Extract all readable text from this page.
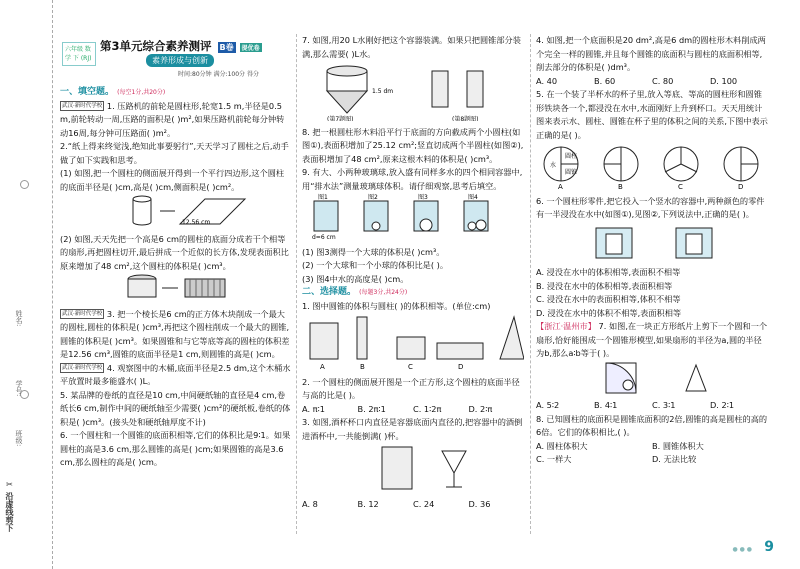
姓名:
学号:
班级:
✂ 沿虚线剪下
六年级 数学 下 (RJ)
第3单元综合素养测评 B卷 提优卷
素养形成与创新
时间:80分钟 满分:100分 得分
一、填空题。 (每空1分,共20分)

武汉·新时代学校 1. 压路机的前轮是圆柱形,轮宽1.5 m,半径是0.5 m,前轮转动一周,压路的面积是( )m²,如果压路机前轮每分钟转动16周,每分钟可压路面( )m²。

2.“纸上得来终觉浅,绝知此事要躬行”,天天学习了圆柱之后,动手做了如下实践和思考。

(1) 如图,把一个圆柱的侧面展开得到一个平行四边形,这个圆柱的底面半径是( )cm,高是( )cm,侧面积是( )cm²。

12.56 cm

(2) 如图,天天先把一个高是6 cm的圆柱的底面分成若干个相等的扇形,再把圆柱切开,最后拼成一个近似的长方体,发现表面积比原来增加了48 cm²,这个圆柱的体积是( )cm³。

武汉·新时代学校 3. 把一个棱长是6 cm的正方体木块削成一个最大的圆柱,圆柱的体积是( )cm³,再把这个圆柱削成一个最大的圆锥,圆锥的体积是( )cm³。如果圆锥和与它等底等高的圆柱的体积差是12.56 cm³,圆锥的底面半径是1 cm,则圆锥的高是( )cm。

武汉·新时代学校 4. 观察图中的木桶,底面半径是2.5 dm,这个木桶水平放置时最多能盛水( )L。

5. 某品牌的卷纸的直径是10 cm,中间硬纸轴的直径是4 cm,卷纸长6 cm,制作中间的硬纸轴至少需要( )cm²的硬纸板,卷纸的体积是( )cm³。(接头处和硬纸轴厚度不计)

6. 一个圆柱和一个圆锥的底面积相等,它们的体积比是9∶1。如果圆柱的高是3.6 cm,那么圆锥的高是( )cm;如果圆锥的高是3.6 cm,那么圆柱的高是( )cm。

7. 如图,用20 L水刚好把这个容器装满。如果只把圆锥部分装满,那么需要( )L水。

1.5 dm
(第7题图)	(第8题图)

8. 把一根圆柱形木料沿平行于底面的方向截成两个小圆柱(如图①),表面积增加了25.12 cm²;竖直切成两个半圆柱(如图②),表面积增加了48 cm²,原来这根木料的体积是( )cm³。

9. 有大、小两种玻璃球,放入盛有同样多水的四个相同容器中,用“排水法”测量玻璃球体积。请仔细观察,思考后填空。

图1	图2	图3	图4
d=6 cm

(1) 图3测得一个大球的体积是( )cm³。

(2) 一个大球和一个小球的体积比是( )。

(3) 图4中水的高度是( )cm。

二、选择题。 (每题3分,共24分)

1. 图中圆锥的体积与圆柱( )的体积相等。(单位:cm)

A	B	C	D

2. 一个圆柱的侧面展开图是一个正方形,这个圆柱的底面半径与高的比是( )。

A. π∶1	B. 2π∶1	C. 1∶2π	D. 2∶π

3. 如图,酒杯杯口内直径是容器底面内直径的,把容器中的酒倒进酒杯中,一共能倒满( )杯。

A. 8	B. 12	C. 24	D. 36

4. 如图,把一个底面积是20 dm²,高是6 dm的圆柱形木料削成两个完全一样的圆锥,并且每个圆锥的底面积与圆柱的底面积相等,削去部分的体积是( )dm³。

A. 40	B. 60	C. 80	D. 100

5. 在一个装了半杯水的杯子里,放入等底、等高的圆柱形和圆锥形铁块各一个,都浸没在水中,水面刚好上升到杯口。天天用统计图来表示水、圆柱、圆锥在杯子里的体积之间的关系,下图中表示正确的是( )。

水
圆柱
圆锥
A	B	C	D

6. 一个圆柱形零件,把它投入一个竖水的容器中,两种颜色的零件有一半浸没在水中(如图①),见图②,下列说法中,正确的是( )。

A. 浸没在水中的体积相等,表面积不相等
B. 浸没在水中的体积相等,表面积相等
C. 浸没在水中的表面积相等,体积不相等
D. 浸没在水中的体积不相等,表面积相等

【浙江·温州市】 7. 如图,在一块正方形纸片上剪下一个圆和一个扇形,恰好能围成一个圆锥形模型,如果扇形的半径为a,圆的半径为b,那么a∶b等于( )。

A. 5∶2	B. 4∶1	C. 3∶1	D. 2∶1

8. 已知圆柱的底面积是圆锥底面积的2倍,圆锥的高是圆柱的高的6倍。它们的体积相比,( )。

A. 圆柱体积大	B. 圆锥体积大
C. 一样大	D. 无法比较
● ● ● 9
